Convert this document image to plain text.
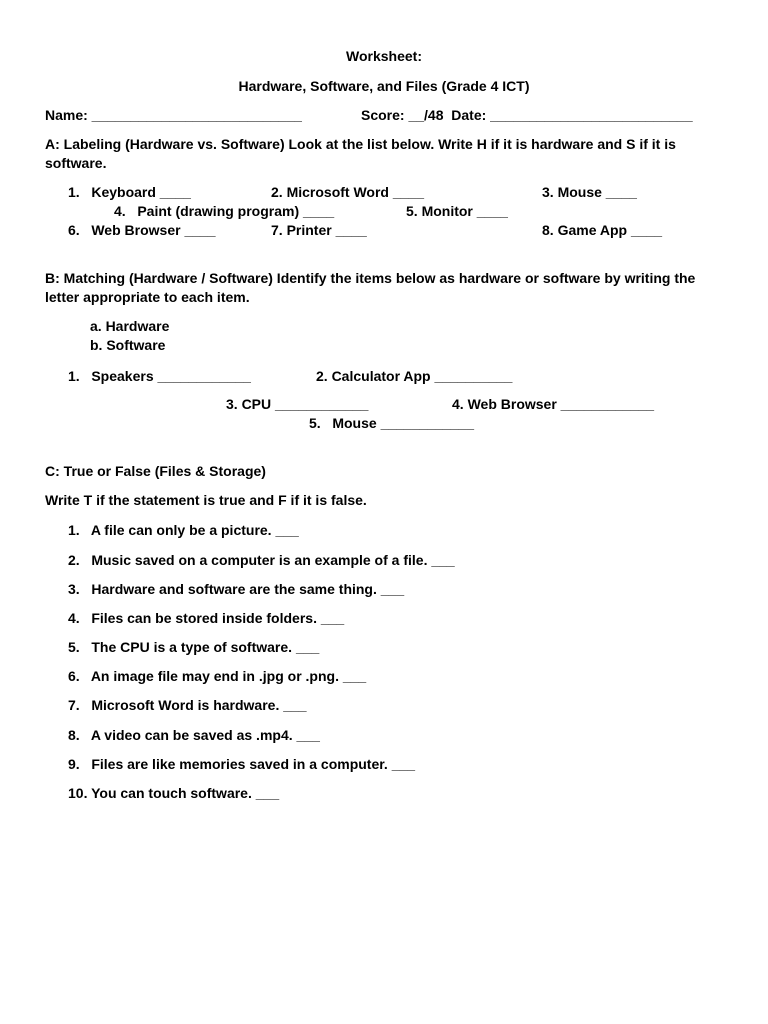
Worksheet:
Hardware, Software, and Files (Grade 4 ICT)
Name: ___________________________	Score: __/48  Date: __________________________
A: Labeling (Hardware vs. Software) Look at the list below. Write H if it is hardware and S if it is software.
1.   Keyboard ____	2. Microsoft Word ____	3. Mouse ____
4.   Paint (drawing program) ____	5. Monitor ____
6.   Web Browser ____	7. Printer ____	8. Game App ____
B: Matching (Hardware / Software) Identify the items below as hardware or software by writing the letter appropriate to each item.
a. Hardware
b. Software
1.   Speakers ____________	2. Calculator App __________
3. CPU ____________	4. Web Browser ____________
5.   Mouse ____________
C: True or False (Files & Storage)
Write T if the statement is true and F if it is false.
1.   A file can only be a picture. ___
2.   Music saved on a computer is an example of a file. ___
3.   Hardware and software are the same thing. ___
4.   Files can be stored inside folders. ___
5.   The CPU is a type of software. ___
6.   An image file may end in .jpg or .png. ___
7.   Microsoft Word is hardware. ___
8.   A video can be saved as .mp4. ___
9.   Files are like memories saved in a computer. ___
10. You can touch software. ___
